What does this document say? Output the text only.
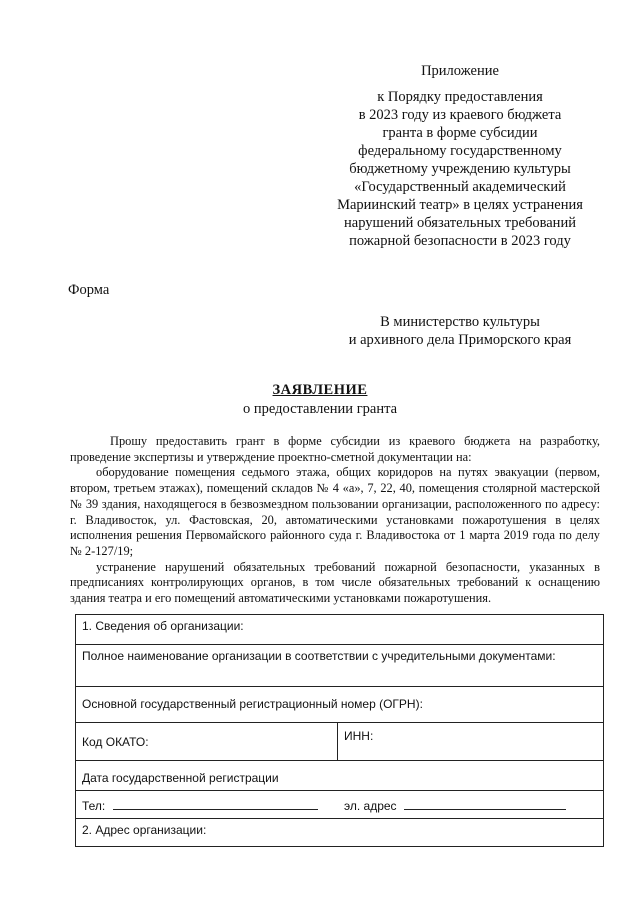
Приложение
к Порядку предоставления
в 2023 году из краевого бюджета
гранта в форме субсидии
федеральному государственному
бюджетному учреждению культуры
«Государственный академический
Мариинский театр» в целях устранения
нарушений обязательных требований
пожарной безопасности в 2023 году
Форма
В министерство культуры
и архивного дела Приморского края
ЗАЯВЛЕНИЕ
о предоставлении гранта

Прошу предоставить грант в форме субсидии из краевого бюджета на разработку, проведение экспертизы и утверждение проектно-сметной документации на:

оборудование помещения седьмого этажа, общих коридоров на путях эвакуации (первом, втором, третьем этажах), помещений складов № 4 «а», 7, 22, 40, помещения столярной мастерской № 39 здания, находящегося в безвозмездном пользовании организации, расположенного по адресу: г. Владивосток, ул. Фастовская, 20, автоматическими установками пожаротушения в целях исполнения решения Первомайского районного суда г. Владивостока от 1 марта 2019 года по делу № 2-127/19;

устранение нарушений обязательных требований пожарной безопасности, указанных в предписаниях контролирующих органов, в том числе обязательных требований к оснащению здания театра и его помещений автоматическими установками пожаротушения.

1. Сведения об организации:
Полное наименование организации в соответствии с учредительными документами:
Основной государственный регистрационный номер (ОГРН):
Код ОКАТО:	ИНН:
Дата государственной регистрации
Тел:	эл. адрес
2. Адрес организации:
